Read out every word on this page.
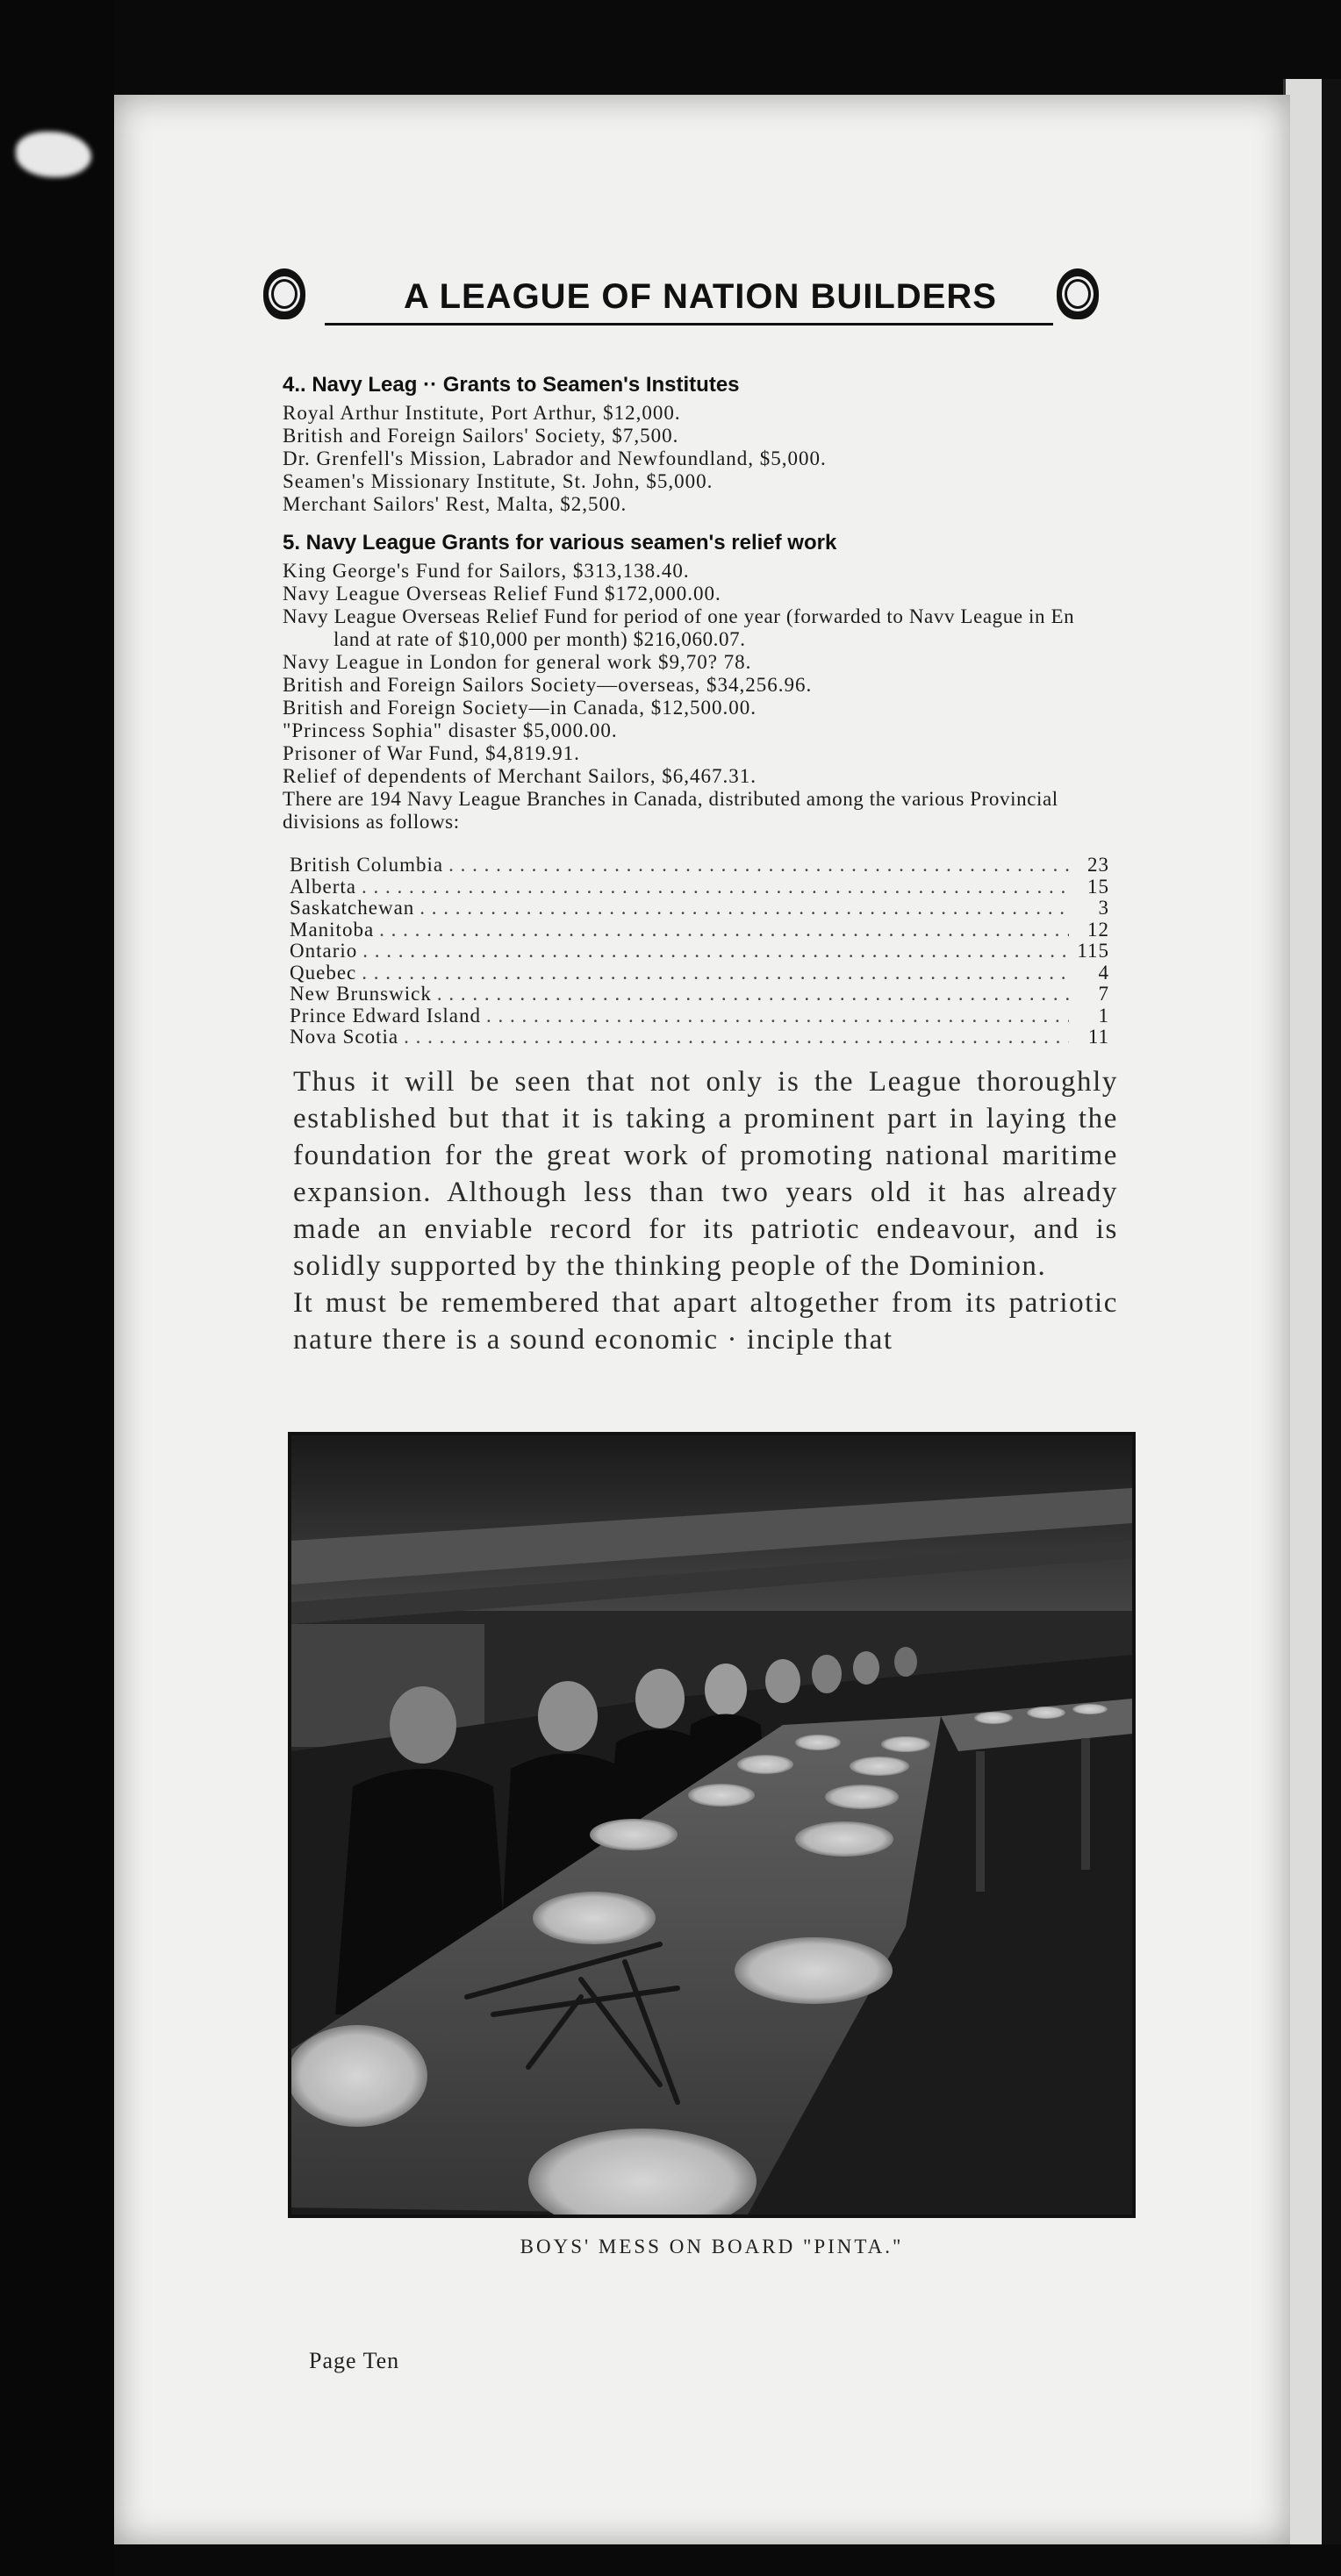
A LEAGUE OF NATION BUILDERS
4.. Navy Leag ·· Grants to Seamen's Institutes
Royal Arthur Institute, Port Arthur, $12,000.
British and Foreign Sailors' Society, $7,500.
Dr. Grenfell's Mission, Labrador and Newfoundland, $5,000.
Seamen's Missionary Institute, St. John, $5,000.
Merchant Sailors' Rest, Malta, $2,500.
5. Navy League Grants for various seamen's relief work
King George's Fund for Sailors, $313,138.40.
Navy League Overseas Relief Fund $172,000.00.
Navy League Overseas Relief Fund for period of one year (forwarded to Navv League in En land at rate of $10,000 per month) $216,060.07.
Navy League in London for general work $9,70? 78.
British and Foreign Sailors Society—overseas, $34,256.96.
British and Foreign Society—in Canada, $12,500.00.
"Princess Sophia" disaster $5,000.00.
Prisoner of War Fund, $4,819.91.
Relief of dependents of Merchant Sailors, $6,467.31.
There are 194 Navy League Branches in Canada, distributed among the various Provincial divisions as follows:
British Columbia . . .	23
Alberta . . .	15
Saskatchewan . . .	3
Manitoba . . .	12
Ontario . . .	115
Quebec . . .	4
New Brunswick . . .	7
Prince Edward Island . . .	1
Nova Scotia . . .	11

Thus it will be seen that not only is the League thoroughly established but that it is taking a prominent part in laying the foundation for the great work of promoting national maritime expansion. Although less than two years old it has already made an enviable record for its patriotic endeavour, and is solidly supported by the thinking people of the Dominion.

It must be remembered that apart altogether from its patriotic nature there is a sound economic · inciple that

BOYS' MESS ON BOARD "PINTA."
Page Ten
